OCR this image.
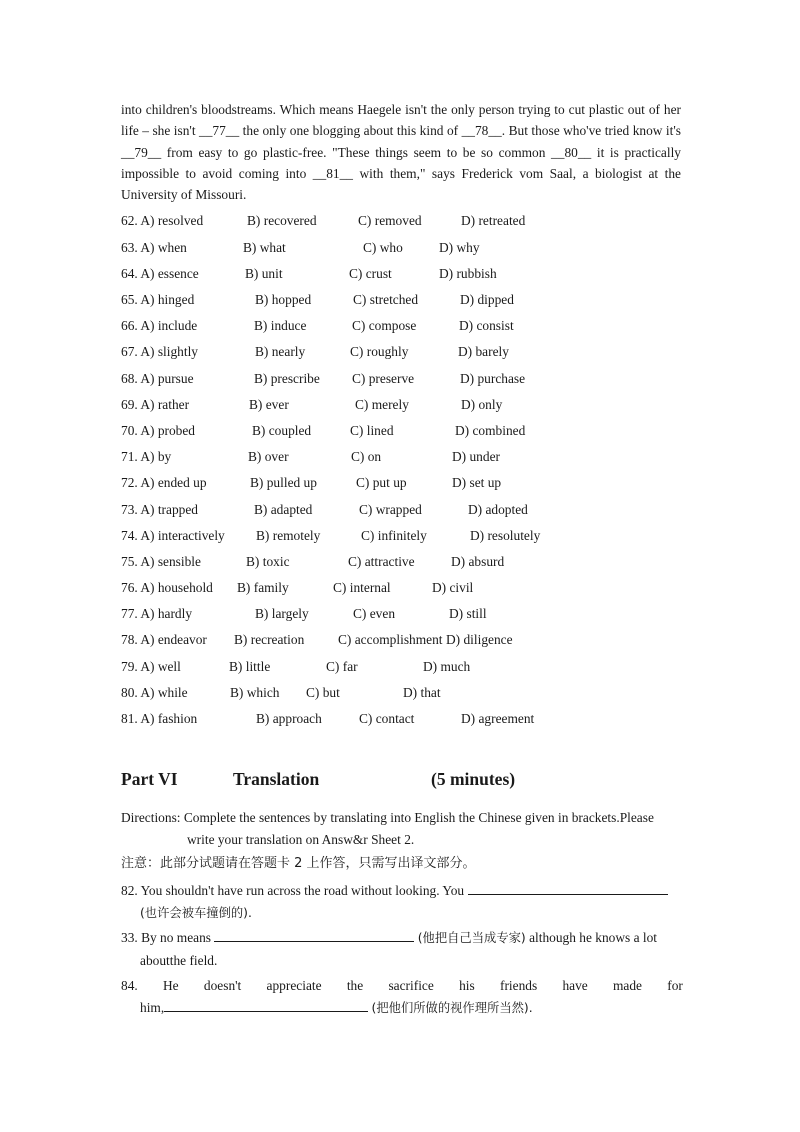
into children's bloodstreams. Which means Haegele isn't the only person trying to cut plastic out of her life – she isn't __77__ the only one blogging about this kind of __78__. But those who've tried know it's __79__ from easy to go plastic-free. "These things seem to be so common __80__ it is practically impossible to avoid coming into __81__ with them," says Frederick vom Saal, a biologist at the University of Missouri.

62. A) resolved	B) recovered	C) removed	D) retreated
63. A) when	B) what	C) who	D) why
64. A) essence	B) unit	C) crust	D) rubbish
65. A) hinged	B) hopped	C) stretched	D) dipped
66. A) include	B) induce	C) compose	D) consist
67. A) slightly	B) nearly	C) roughly	D) barely
68. A) pursue	B) prescribe C) preserve	D) purchase
69. A) rather	B) ever	C) merely	D) only
70. A) probed	B) coupled	C) lined	D) combined
71. A) by	B) over	C) on	D) under
72. A) ended up	B) pulled up	C) put up	D) set up
73. A) trapped	B) adapted	C) wrapped	D) adopted
74. A) interactively B) remotely	C) infinitely	D) resolutely
75. A) sensible	B) toxic	C) attractive	D) absurd
76. A) household B) family	C) internal	D) civil
77. A) hardly	B) largely	C) even	D) still
78. A) endeavor B) recreation	C) accomplishment D) diligence
79. A) well	B) little	C) far	D) much
80. A) while	B) which C) but	D) that
81. A) fashion	B) approach	C) contact	D) agreement
Part VI	Translation	(5 minutes)
Directions: Complete the sentences by translating into English the Chinese given in brackets.Please
write your translation on Answ&r Sheet 2.
注意：此部分试题请在答题卡 2 上作答，只需写出译文部分。
82. You shouldn't have run across the road without looking. You
(也许会被车撞倒的).
33. By no means	(他把自己当成专家) although he knows a lot
aboutthe field.
84. He doesn't appreciate the sacrifice his friends have made for
him,	(把他们所做的视作理所当然).
